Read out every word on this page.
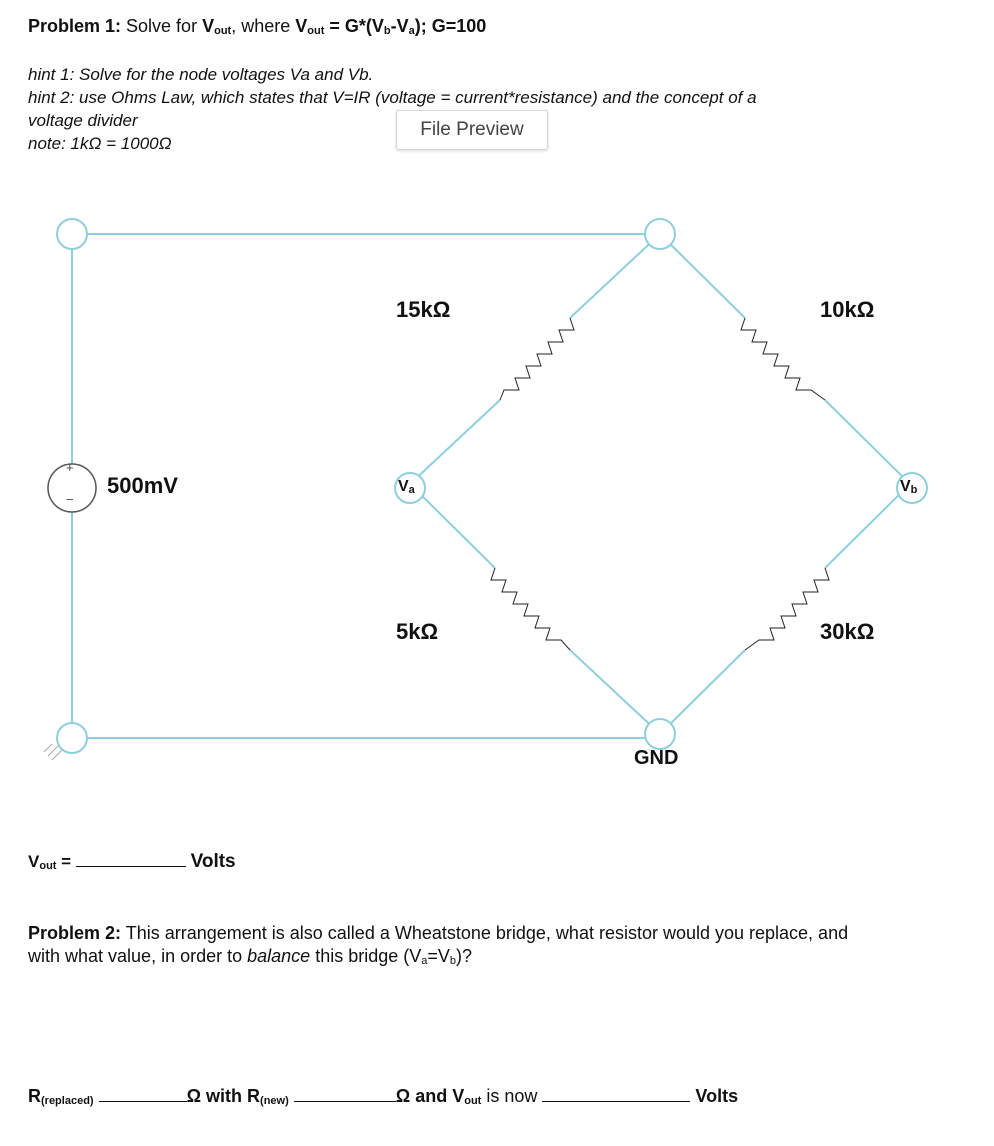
Problem 1: Solve for $V_{out}$, where $V_{out} = G*(V_b-V_a)$; G=100
hint 1: Solve for the node voltages Va and Vb.
hint 2: use Ohms Law, which states that V=IR (voltage = current*resistance) and the concept of a
voltage divider
note: 1kΩ = 1000Ω
File Preview
+
−
500mV
15kΩ	10kΩ
5kΩ	30kΩ
$V_a$	$V_b$
GND
$V_{out}$ =	Volts
Problem 2: This arrangement is also called a Wheatstone bridge, what resistor would you replace, and
with what value, in order to balance this bridge $(V_a=V_b)$?
$R_{(replaced)}$	Ω with $R_{(new)}$	Ω and $V_{out}$ is now	Volts
